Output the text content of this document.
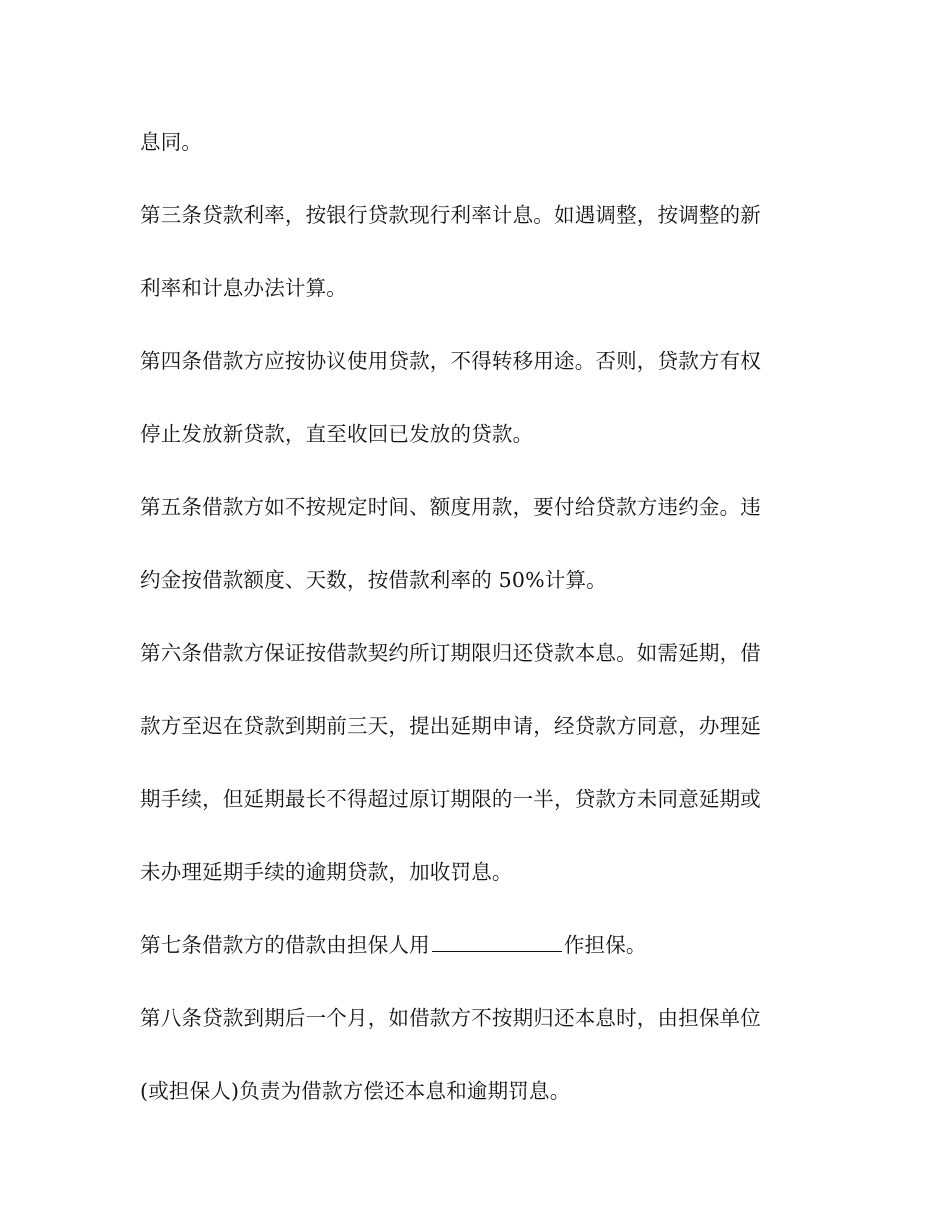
息同。
第三条贷款利率，按银行贷款现行利率计息。如遇调整，按调整的新
利率和计息办法计算。
第四条借款方应按协议使用贷款，不得转移用途。否则，贷款方有权
停止发放新贷款，直至收回已发放的贷款。
第五条借款方如不按规定时间、额度用款，要付给贷款方违约金。违
约金按借款额度、天数，按借款利率的 50%计算。
第六条借款方保证按借款契约所订期限归还贷款本息。如需延期，借
款方至迟在贷款到期前三天，提出延期申请，经贷款方同意，办理延
期手续，但延期最长不得超过原订期限的一半，贷款方未同意延期或
未办理延期手续的逾期贷款，加收罚息。
第七条借款方的借款由担保人用	作担保。
第八条贷款到期后一个月，如借款方不按期归还本息时，由担保单位
(或担保人)负责为借款方偿还本息和逾期罚息。
